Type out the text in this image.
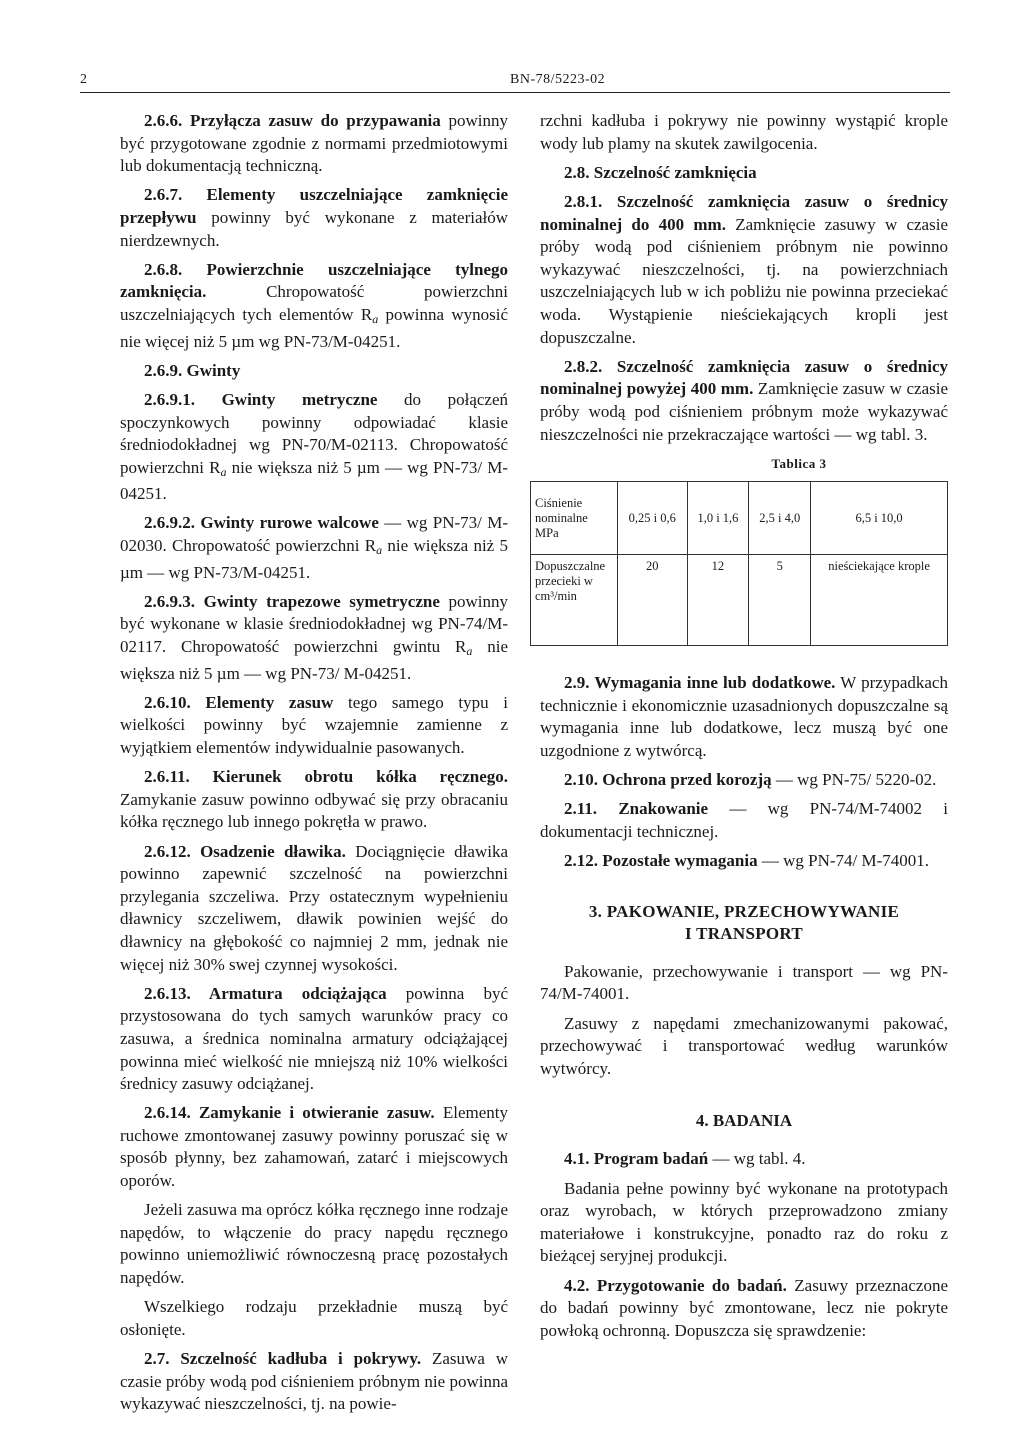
2	BN-78/5223-02

2.6.6. Przyłącza zasuw do przypawania powinny być przygotowane zgodnie z normami przedmiotowymi lub dokumentacją techniczną.

2.6.7. Elementy uszczelniające zamknięcie przepływu powinny być wykonane z materiałów nierdzewnych.

2.6.8. Powierzchnie uszczelniające tylnego zamknięcia.	Chropowatość powierzchni uszczelniających tych elementów $R_a$ powinna wynosić nie więcej niż 5 µm wg PN-73/M-04251.

2.6.9. Gwinty

2.6.9.1. Gwinty metryczne do połączeń spoczynkowych powinny odpowiadać klasie średniodokładnej wg PN-70/M-02113. Chropowatość powierzchni $R_a$ nie większa niż 5 µm — wg PN-73/ M-04251.

2.6.9.2. Gwinty rurowe walcowe — wg PN-73/ M-02030. Chropowatość powierzchni $R_a$ nie większa niż 5 µm — wg PN-73/M-04251.

2.6.9.3. Gwinty trapezowe symetryczne powinny być wykonane w klasie średniodokładnej wg PN-74/M-02117. Chropowatość powierzchni gwintu $R_a$ nie większa niż 5 µm — wg PN-73/ M-04251.

2.6.10. Elementy zasuw tego samego typu i wielkości powinny być wzajemnie zamienne z wyjątkiem elementów indywidualnie pasowanych.

2.6.11. Kierunek obrotu kółka ręcznego. Zamykanie zasuw powinno odbywać się przy obracaniu kółka ręcznego lub innego pokrętła w prawo.

2.6.12. Osadzenie dławika. Dociągnięcie dławika powinno zapewnić szczelność na powierzchni przylegania szczeliwa. Przy ostatecznym wypełnieniu dławnicy szczeliwem, dławik powinien wejść do dławnicy na głębokość co najmniej 2 mm, jednak nie więcej niż 30% swej czynnej wysokości.

2.6.13. Armatura odciążająca powinna być przystosowana do tych samych warunków pracy co zasuwa, a średnica nominalna armatury odciążającej powinna mieć wielkość nie mniejszą niż 10% wielkości średnicy zasuwy odciążanej.

2.6.14. Zamykanie i otwieranie zasuw. Elementy ruchowe zmontowanej zasuwy powinny poruszać się w sposób płynny, bez zahamowań, zatarć i miejscowych oporów.

Jeżeli zasuwa ma oprócz kółka ręcznego inne rodzaje napędów, to włączenie do pracy napędu ręcznego powinno uniemożliwić równoczesną pracę pozostałych napędów.

Wszelkiego rodzaju przekładnie muszą być osłonięte.

2.7. Szczelność kadłuba i pokrywy. Zasuwa w czasie próby wodą pod ciśnieniem próbnym nie powinna wykazywać nieszczelności, tj. na powie-

rzchni kadłuba i pokrywy nie powinny wystąpić krople wody lub plamy na skutek zawilgocenia.

2.8. Szczelność zamknięcia

2.8.1. Szczelność zamknięcia zasuw o średnicy nominalnej do 400 mm. Zamknięcie zasuwy w czasie próby wodą pod ciśnieniem próbnym nie powinno wykazywać nieszczelności, tj. na powierzchniach uszczelniających lub w ich pobliżu nie powinna przeciekać woda. Wystąpienie nieściekających kropli jest dopuszczalne.

2.8.2. Szczelność zamknięcia zasuw o średnicy nominalnej powyżej 400 mm. Zamknięcie zasuw w czasie próby wodą pod ciśnieniem próbnym może wykazywać nieszczelności nie przekraczające wartości — wg tabl. 3.

Tablica 3
Ciśnienie nominalne MPa	0,25 i 0,6	1,0 i 1,6	2,5 i 4,0	6,5 i 10,0
Dopuszczalne przecieki w cm³/min	20	12	5	nieściekające krople

2.9. Wymagania inne lub dodatkowe. W przypadkach technicznie i ekonomicznie uzasadnionych dopuszczalne są wymagania inne lub dodatkowe, lecz muszą być one uzgodnione z wytwórcą.

2.10. Ochrona przed korozją — wg PN-75/ 5220-02.

2.11. Znakowanie — wg PN-74/M-74002 i dokumentacji technicznej.

2.12. Pozostałe wymagania — wg PN-74/ M-74001.

3. PAKOWANIE, PRZECHOWYWANIE
I TRANSPORT

Pakowanie, przechowywanie i transport — wg PN-74/M-74001.

Zasuwy z napędami zmechanizowanymi pakować, przechowywać i transportować według warunków wytwórcy.

4. BADANIA

4.1. Program badań — wg tabl. 4.

Badania pełne powinny być wykonane na prototypach oraz wyrobach, w których przeprowadzono zmiany materiałowe i konstrukcyjne, ponadto raz do roku z bieżącej seryjnej produkcji.

4.2. Przygotowanie do badań. Zasuwy przeznaczone do badań powinny być zmontowane, lecz nie pokryte powłoką ochronną. Dopuszcza się sprawdzenie:
